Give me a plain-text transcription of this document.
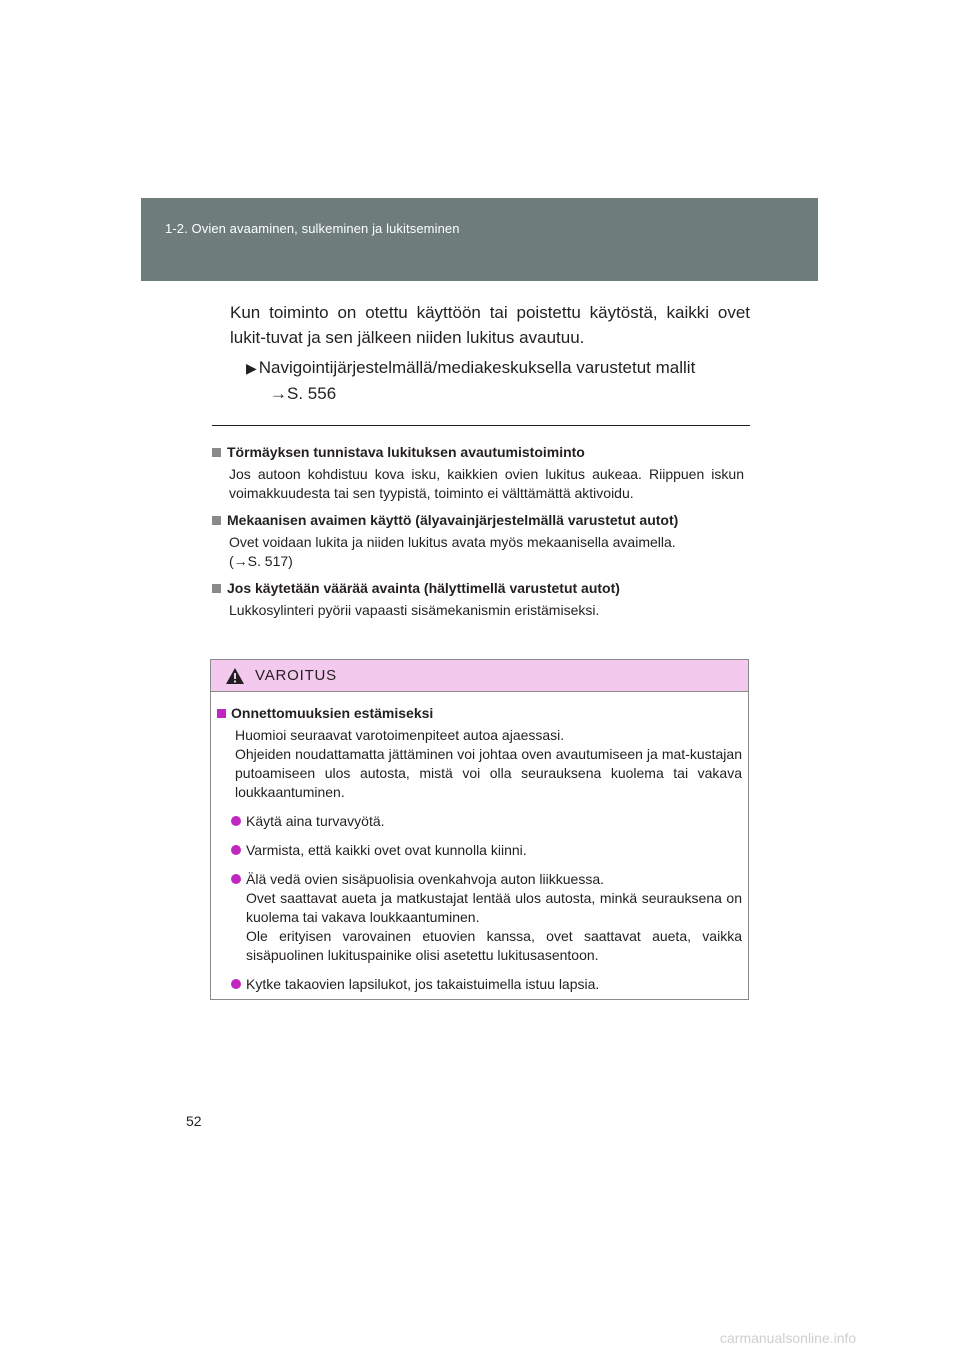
1-2. Ovien avaaminen, sulkeminen ja lukitseminen

Kun toiminto on otettu käyttöön tai poistettu käytöstä, kaikki ovet lukit-tuvat ja sen jälkeen niiden lukitus avautuu.

▶ Navigointijärjestelmällä/mediakeskuksella varustetut mallit
→S. 556

Törmäyksen tunnistava lukituksen avautumistoiminto

Jos autoon kohdistuu kova isku, kaikkien ovien lukitus aukeaa. Riippuen iskun voimakkuudesta tai sen tyypistä, toiminto ei välttämättä aktivoidu.

Mekaanisen avaimen käyttö (älyavainjärjestelmällä varustetut autot)

Ovet voidaan lukita ja niiden lukitus avata myös mekaanisella avaimella.
(→S. 517)

Jos käytetään väärää avainta (hälyttimellä varustetut autot)

Lukkosylinteri pyörii vapaasti sisämekanismin eristämiseksi.

VAROITUS
Onnettomuuksien estämiseksi

Huomioi seuraavat varotoimenpiteet autoa ajaessasi.
Ohjeiden noudattamatta jättäminen voi johtaa oven avautumiseen ja mat-kustajan putoamiseen ulos autosta, mistä voi olla seurauksena kuolema tai vakava loukkaantuminen.

Käytä aina turvavyötä.
Varmista, että kaikki ovet ovat kunnolla kiinni.
Älä vedä ovien sisäpuolisia ovenkahvoja auton liikkuessa.
Ovet saattavat aueta ja matkustajat lentää ulos autosta, minkä seurauksena on kuolema tai vakava loukkaantuminen.
Ole erityisen varovainen etuovien kanssa, ovet saattavat aueta, vaikka sisäpuolinen lukituspainike olisi asetettu lukitusasentoon.
Kytke takaovien lapsilukot, jos takaistuimella istuu lapsia.
52
carmanualsonline.info
